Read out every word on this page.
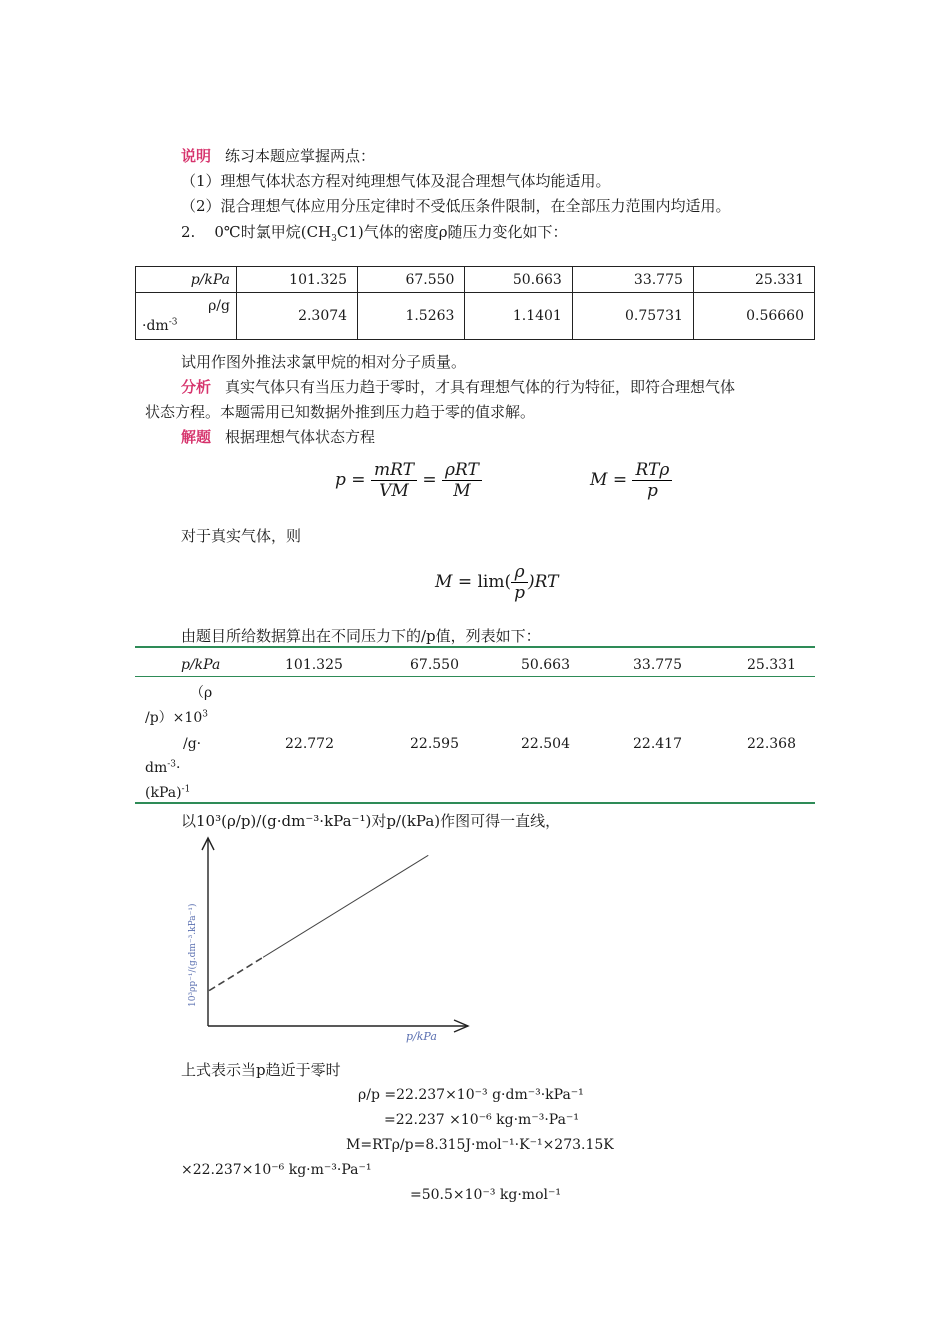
说明 练习本题应掌握两点：
（1）理想气体状态方程对纯理想气体及混合理想气体均能适用。
（2）混合理想气体应用分压定律时不受低压条件限制，在全部压力范围内均适用。
2. 0℃时氯甲烷$(CH_3C1)$气体的密度ρ随压力变化如下：
p/kPa	101.325	67.550	50.663	33.775	25.331

ρ/g
$\cdot dm^{-3}$	2.3074	1.5263	1.1401	0.75731	0.56660
试用作图外推法求氯甲烷的相对分子质量。
分析 真实气体只有当压力趋于零时，才具有理想气体的行为特征，即符合理想气体
状态方程。本题需用已知数据外推到压力趋于零的值求解。
解题 根据理想气体状态方程
$p = \frac{\text{mRT}}{VM} = \frac{\text{ρRT}}{M}$	$M = \frac{\text{RTρ}}{p}$
对于真实气体，则
$M = \lim( \frac{\rho}{p} )RT$
由题目所给数据算出在不同压力下的/p值，列表如下：
p/kPa	101.325	67.550	50.663	33.775	25.331
（ρ
$/p)\times 10^3$
/g·
$dm^{-3}\cdot$
(kPa)$^{-1}$
22.772	22.595	22.504	22.417	22.368
以10³(ρ/p)/(g·dm⁻³·kPa⁻¹)对p/(kPa)作图可得一直线，
p/kPa
10³ρp⁻¹/(g.dm⁻³.kPa⁻¹)
上式表示当p趋近于零时
ρ/p =22.237×10⁻³ g·dm⁻³·kPa⁻¹
=22.237 ×10⁻⁶ kg·m⁻³·Pa⁻¹
M=RTρ/p=8.315J·mol⁻¹·K⁻¹×273.15K
×22.237×10⁻⁶ kg·m⁻³·Pa⁻¹
=50.5×10⁻³ kg·mol⁻¹
